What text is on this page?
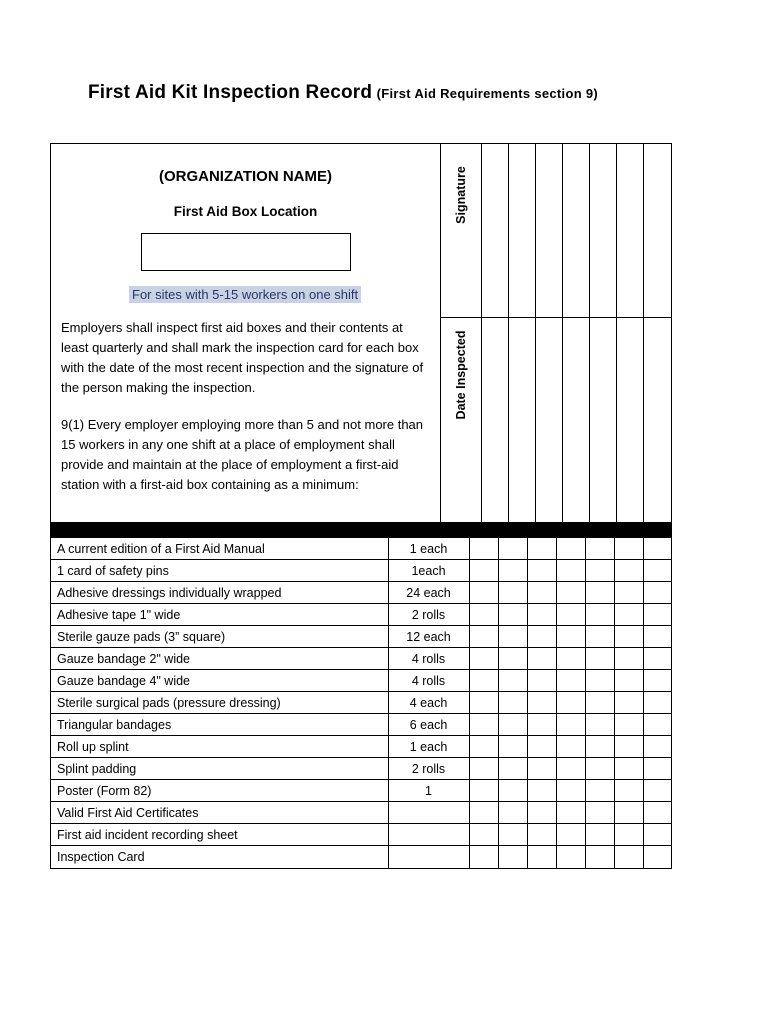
First Aid Kit Inspection Record (First Aid Requirements section 9)
(ORGANIZATION NAME)
First Aid Box Location
For sites with 5-15 workers on one shift
Employers shall inspect first aid boxes and their contents at least quarterly and shall mark the inspection card for each box with the date of the most recent inspection and the signature of the person making the inspection.
9(1) Every employer employing more than 5 and not more than 15 workers in any one shift at a place of employment shall provide and maintain at the place of employment a first-aid station with a first-aid box containing as a minimum:
Signature
Date Inspected
A current edition of a First Aid Manual	1 each							
1 card of safety pins	1each							
Adhesive dressings individually wrapped	24 each							
Adhesive tape 1" wide	2 rolls							
Sterile gauze pads (3” square)	12 each							
Gauze bandage 2" wide	4 rolls							
Gauze bandage 4" wide	4 rolls							
Sterile surgical pads (pressure dressing)	4 each							
Triangular bandages	6 each							
Roll up splint	1 each							
Splint padding	2 rolls							
Poster (Form 82)	1							
Valid First Aid Certificates								
First aid incident recording sheet								
Inspection Card								
